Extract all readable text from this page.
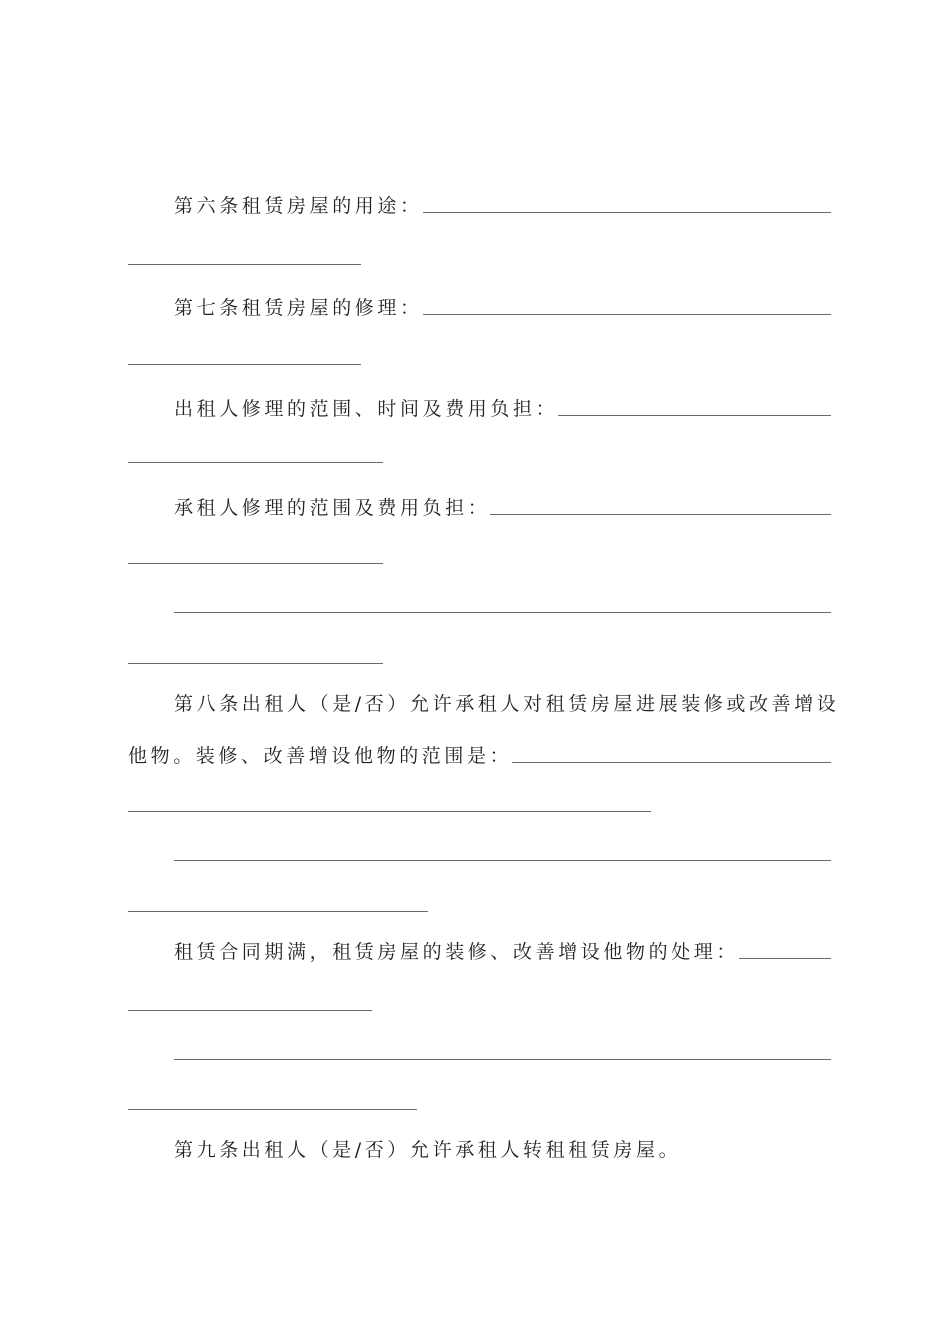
第六条租赁房屋的用途：
第七条租赁房屋的修理：
出租人修理的范围、时间及费用负担：
承租人修理的范围及费用负担：
第八条出租人（是/否）允许承租人对租赁房屋进展装修或改善增设
他物。装修、改善增设他物的范围是：
租赁合同期满，租赁房屋的装修、改善增设他物的处理：
第九条出租人（是/否）允许承租人转租租赁房屋。
